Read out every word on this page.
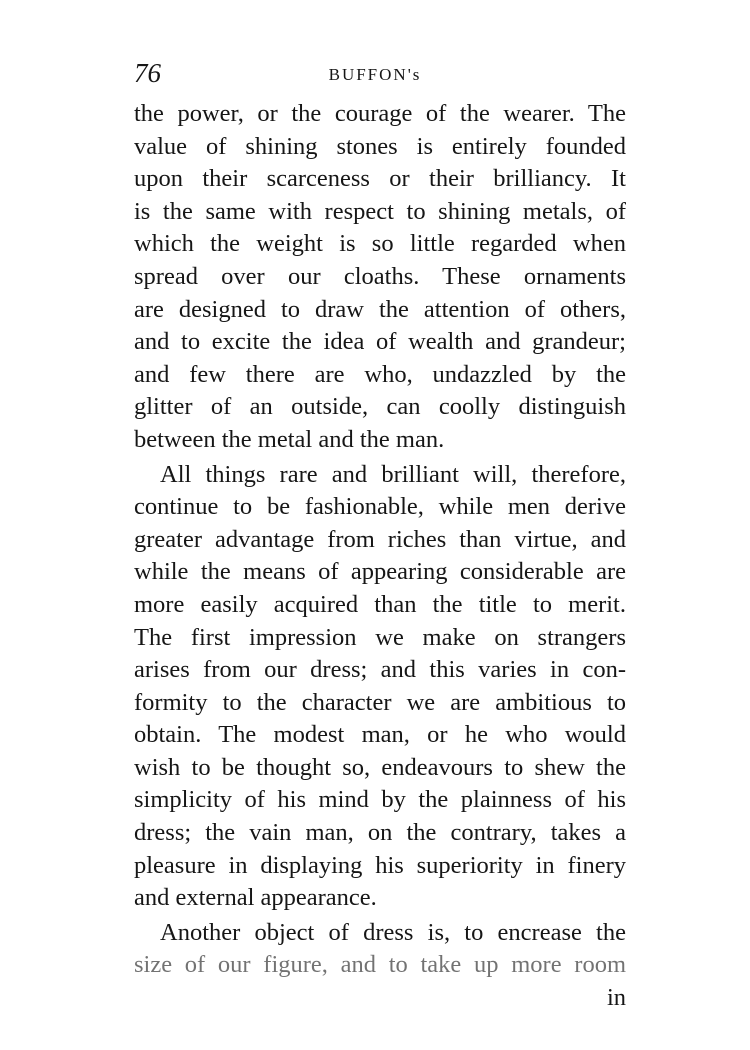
76	BUFFON's
the power, or the courage of the wearer. The
value of shining stones is entirely founded
upon their scarceness or their brilliancy. It
is the same with respect to shining metals, of
which the weight is so little regarded when
spread over our cloaths. These ornaments
are designed to draw the attention of others,
and to excite the idea of wealth and grandeur;
and few there are who, undazzled by the
glitter of an outside, can coolly distinguish
between the metal and the man.
All things rare and brilliant will, therefore,
continue to be fashionable, while men derive
greater advantage from riches than virtue, and
while the means of appearing considerable are
more easily acquired than the title to merit.
The first impression we make on strangers
arises from our dress; and this varies in con-
formity to the character we are ambitious to
obtain. The modest man, or he who would
wish to be thought so, endeavours to shew the
simplicity of his mind by the plainness of his
dress; the vain man, on the contrary, takes a
pleasure in displaying his superiority in finery
and external appearance.
Another object of dress is, to encrease the
size of our figure, and to take up more room
in
